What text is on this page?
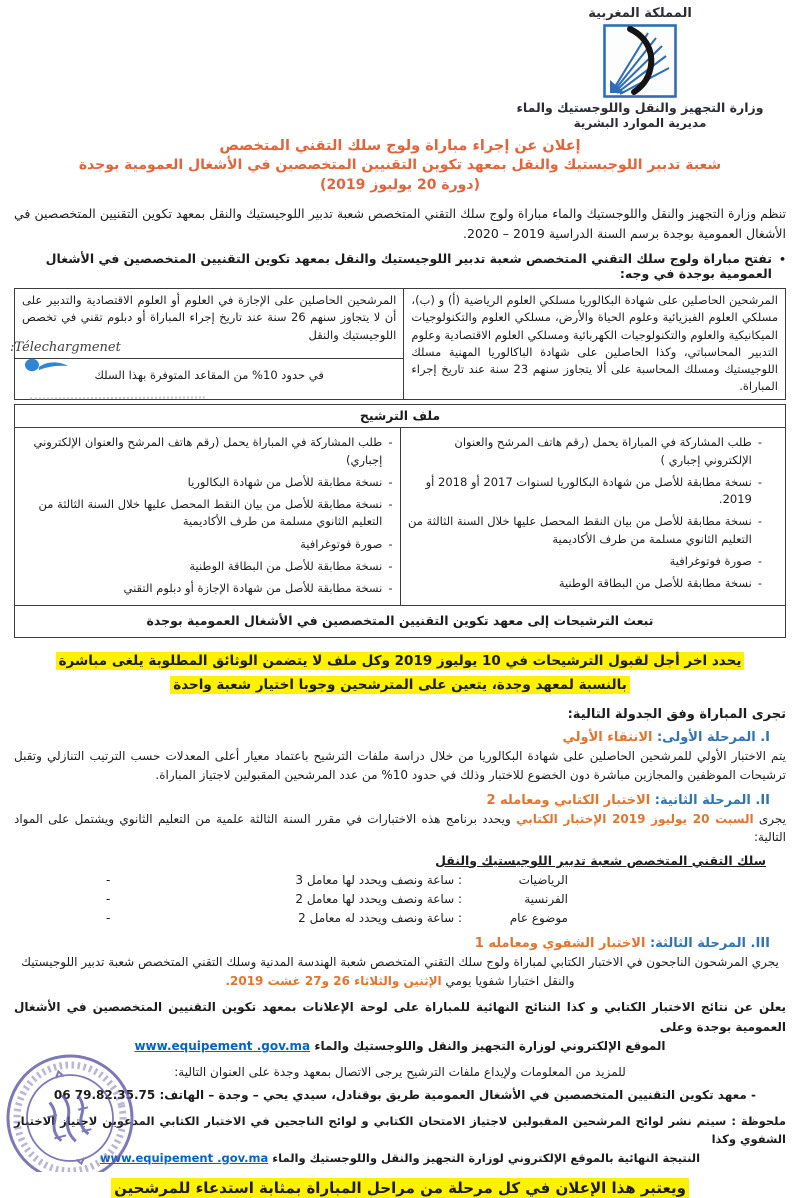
المملكة المغربية
وزارة التجهيز والنقل واللوجستيك والماء
مديرية الموارد البشرية
إعلان عن إجراء مباراة ولوج سلك التقني المتخصص
شعبة تدبير اللوجيستيك والنقل بمعهد تكوين التقنيين المتخصصين في الأشغال العمومية بوجدة
(دورة 20 يوليوز 2019)

تنظم وزارة التجهيز والنقل واللوجستيك والماء مباراة ولوج سلك التقني المتخصص شعبة تدبير اللوجيستيك والنقل بمعهد تكوين التقنيين المتخصصين في الأشغال العمومية بوجدة برسم السنة الدراسية 2019 – 2020.

•
تفتح مباراة ولوج سلك التقني المتخصص شعبة تدبير اللوجيستيك والنقل بمعهد تكوين التقنيين المتخصصين في الأشغال العمومية بوجدة في وجه:
المرشحين الحاصلين على شهادة البكالوريا مسلكي العلوم الرياضية (أ) و (ب)، مسلكي العلوم الفيزيائية وعلوم الحياة والأرض، مسلكي العلوم والتكنولوجيات الميكانيكية والعلوم والتكنولوجيات الكهربائية ومسلكي العلوم الاقتصادية وعلوم التدبير المحاسباتي، وكذا الحاصلين على شهادة الباكالوريا المهنية مسلك اللوجيستيك ومسلك المحاسبة على ألا يتجاوز سنهم 23 سنة عند تاريخ إجراء المباراة.	المرشحين الحاصلين على الإجازة في العلوم أو العلوم الاقتصادية والتدبير على أن لا يتجاوز سنهم 26 سنة عند تاريخ إجراء المباراة أو دبلوم تقني في تخصص اللوجيستيك والنقل
في حدود 10% من المقاعد المتوفرة بهذا السلك
ملف الترشيح

-
طلب المشاركة في المباراة يحمل (رقم هاتف المرشح والعنوان الإلكتروني إجباري )
-
نسخة مطابقة للأصل من شهادة البكالوريا لسنوات 2017 أو 2018 أو 2019.
-
نسخة مطابقة للأصل من بيان النقط المحصل عليها خلال السنة الثالثة من التعليم الثانوي مسلمة من طرف الأكاديمية
-
صورة فوتوغرافية
-
نسخة مطابقة للأصل من البطاقة الوطنية

-
طلب المشاركة في المباراة يحمل (رقم هاتف المرشح والعنوان الإلكتروني إجباري)
-
نسخة مطابقة للأصل من شهادة البكالوريا
-
نسخة مطابقة للأصل من بيان النقط المحصل عليها خلال السنة الثالثة من التعليم الثانوي مسلمة من طرف الأكاديمية
-
صورة فوتوغرافية
-
نسخة مطابقة للأصل من البطاقة الوطنية
-
نسخة مطابقة للأصل من شهادة الإجازة أو دبلوم التقني

تبعث الترشيحات إلى معهد تكوين التقنيين المتخصصين في الأشغال العمومية بوجدة
يحدد اخر أجل لقبول الترشيحات في 10 يوليوز 2019 وكل ملف لا يتضمن الوثائق المطلوبة يلغى مباشرة
بالنسبة لمعهد وجدة، يتعين على المترشحين وجوبا اختيار شعبة واحدة
تجرى المباراة وفق الجدولة التالية:
I. المرحلة الأولى: الانتقاء الأولي

يتم الاختبار الأولي للمرشحين الحاصلين على شهادة البكالوريا من خلال دراسة ملفات الترشيح باعتماد معيار أعلى المعدلات حسب الترتيب التنازلي وتقبل ترشيحات الموظفين والمجازين مباشرة دون الخضوع للاختبار وذلك في حدود 10% من عدد المرشحين المقبولين لاجتياز المباراة.

II. المرحلة الثانية: الاختبار الكتابي ومعامله 2

يجرى السبت 20 يوليوز 2019 الإختبار الكتابي ويحدد برنامج هذه الاختبارات في مقرر السنة الثالثة علمية من التعليم الثانوي ويشتمل على المواد التالية:

سلك التقني المتخصص شعبة تدبير اللوجيستيك والنقل
-	الرياضيات: ساعة ونصف ويحدد لها معامل 3
-	الفرنسية: ساعة ونصف ويحدد لها معامل 2
-	موضوع عام: ساعة ونصف ويحدد له معامل 2
III. المرحلة الثالثة: الاختبار الشفوي ومعامله 1

يجري المرشحون الناجحون في الاختبار الكتابي لمباراة ولوج سلك التقني المتخصص شعبة الهندسة المدنية وسلك التقني المتخصص شعبة تدبير اللوجيستيك والنقل اختبارا شفويا يومي الإثنين والثلاثاء 26 و27 غشت 2019.

يعلن عن نتائج الاختبار الكتابي و كذا النتائج النهائية للمباراة على لوحة الإعلانات بمعهد تكوين التقنيين المتخصصين في الأشغال العمومية بوجدة وعلى

الموقع الإلكتروني لوزارة التجهيز والنقل واللوجستيك والماء www.equipement .gov.ma

للمزيد من المعلومات ولإيداع ملفات الترشيح يرجى الاتصال بمعهد وجدة على العنوان التالية:

- معهد تكوين التقنيين المتخصصين في الأشغال العمومية طريق بوقنادل، سيدي يحي – وجدة – الهاتف: 06 79.82.35.75

ملحوظة : سيتم نشر لوائح المرشحين المقبولين لاجتياز الامتحان الكتابي و لوائح الناجحين في الاختبار الكتابي المدعوين لاجتياز الاختبار الشفوي وكذا

النتيجة النهائية بالموقع الإلكتروني لوزارة التجهيز والنقل واللوجستيك والماء www.equipement .gov.ma

ويعتبر هذا الإعلان في كل مرحلة من مراحل المباراة بمثابة استدعاء للمرشحين
Télechargmenet:
